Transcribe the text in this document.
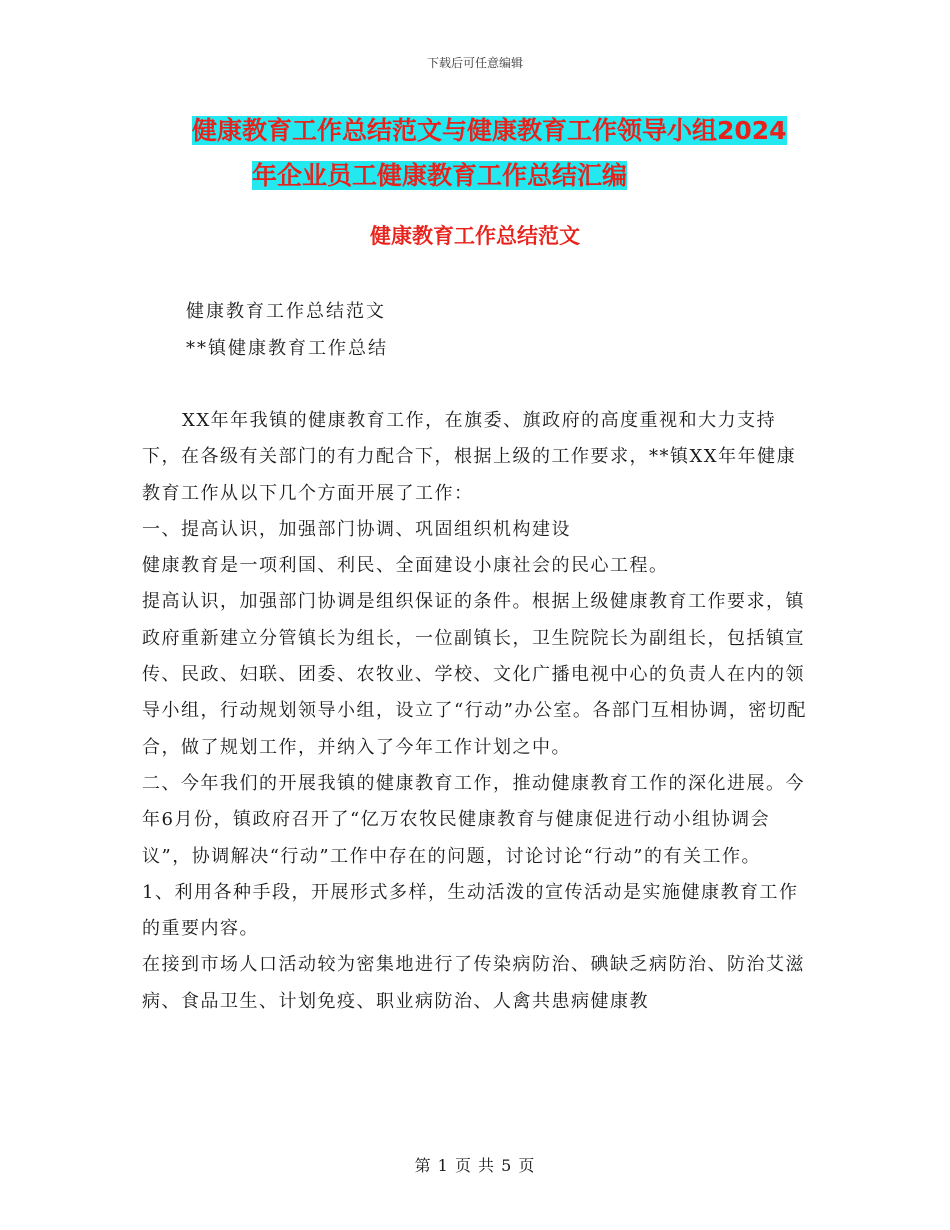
下载后可任意编辑
健康教育工作总结范文与健康教育工作领导小组2024
年企业员工健康教育工作总结汇编
健康教育工作总结范文
健康教育工作总结范文
**镇健康教育工作总结

XX年年我镇的健康教育工作，在旗委、旗政府的高度重视和大力支持下，在各级有关部门的有力配合下，根据上级的工作要求，**镇XX年年健康教育工作从以下几个方面开展了工作：

一、提高认识，加强部门协调、巩固组织机构建设

健康教育是一项利国、利民、全面建设小康社会的民心工程。

提高认识，加强部门协调是组织保证的条件。根据上级健康教育工作要求，镇政府重新建立分管镇长为组长，一位副镇长，卫生院院长为副组长，包括镇宣传、民政、妇联、团委、农牧业、学校、文化广播电视中心的负责人在内的领导小组，行动规划领导小组，设立了“行动”办公室。各部门互相协调，密切配合，做了规划工作，并纳入了今年工作计划之中。

二、今年我们的开展我镇的健康教育工作，推动健康教育工作的深化进展。今年6月份，镇政府召开了“亿万农牧民健康教育与健康促进行动小组协调会议”，协调解决“行动”工作中存在的问题，讨论讨论“行动”的有关工作。

1、利用各种手段，开展形式多样，生动活泼的宣传活动是实施健康教育工作的重要内容。

在接到市场人口活动较为密集地进行了传染病防治、碘缺乏病防治、防治艾滋病、食品卫生、计划免疫、职业病防治、人禽共患病健康教

第 1 页 共 5 页
